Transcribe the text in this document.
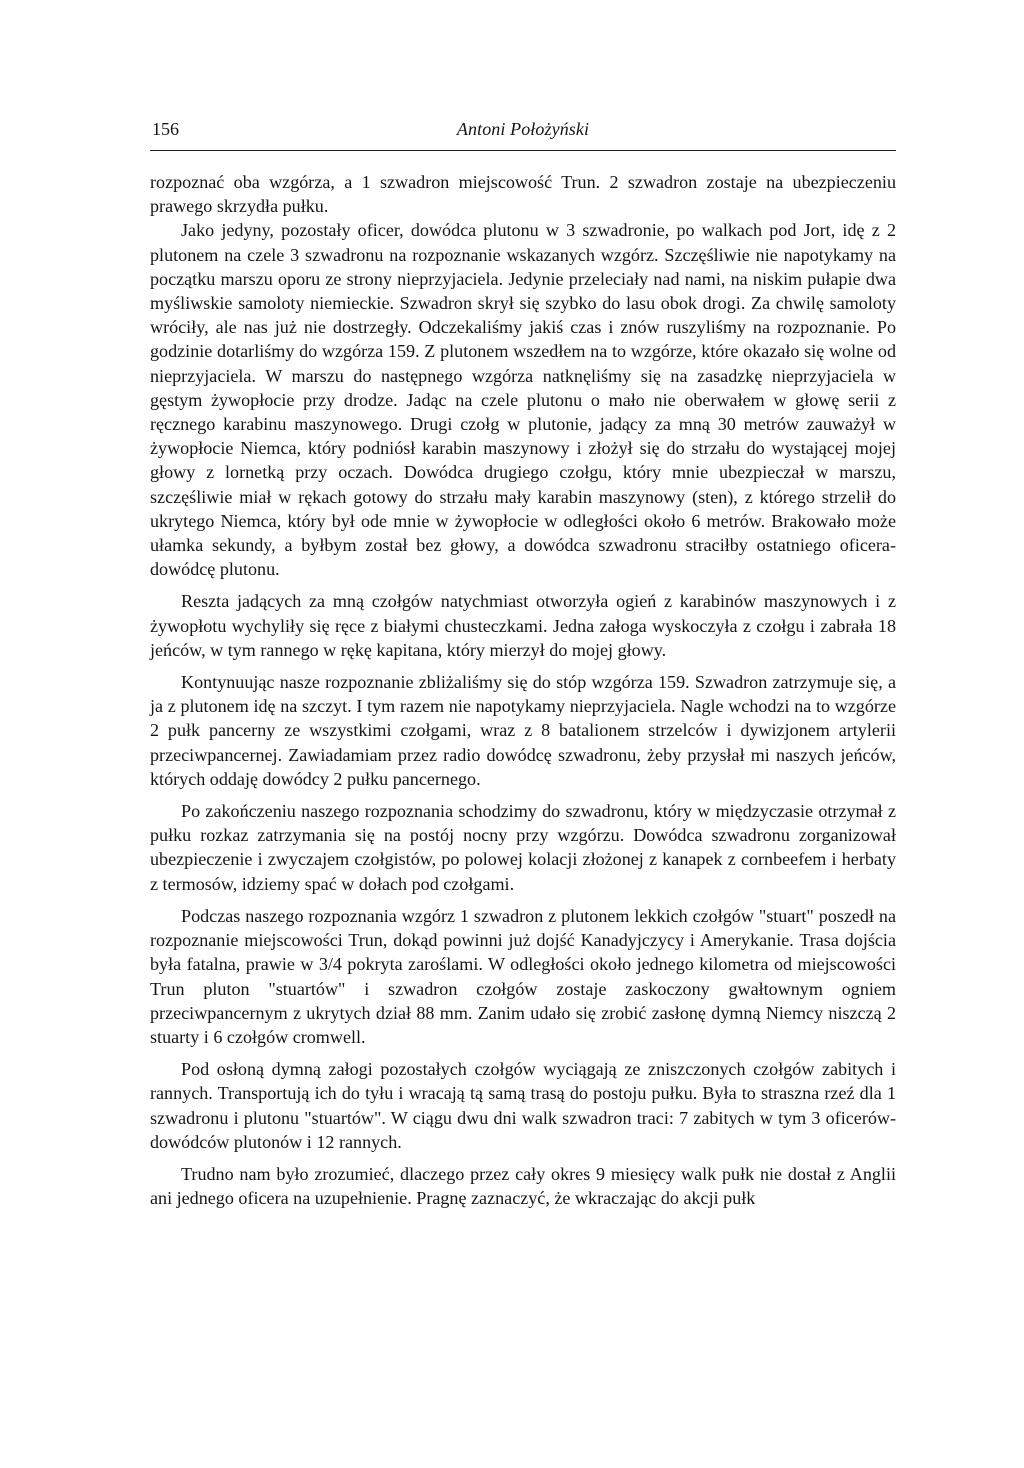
156	Antoni Położyński

rozpoznać oba wzgórza, a 1 szwadron miejscowość Trun. 2 szwadron zostaje na ubezpieczeniu prawego skrzydła pułku.

Jako jedyny, pozostały oficer, dowódca plutonu w 3 szwadronie, po walkach pod Jort, idę z 2 plutonem na czele 3 szwadronu na rozpoznanie wskazanych wzgórz. Szczęśliwie nie napotykamy na początku marszu oporu ze strony nieprzyjaciela. Jedynie przeleciały nad nami, na niskim pułapie dwa myśliwskie samoloty niemieckie. Szwadron skrył się szybko do lasu obok drogi. Za chwilę samoloty wróciły, ale nas już nie dostrzegły. Odczekaliśmy jakiś czas i znów ruszyliśmy na rozpoznanie. Po godzinie dotarliśmy do wzgórza 159. Z plutonem wszedłem na to wzgórze, które okazało się wolne od nieprzyjaciela. W marszu do następnego wzgórza natknęliśmy się na zasadzkę nieprzyjaciela w gęstym żywopłocie przy drodze. Jadąc na czele plutonu o mało nie oberwałem w głowę serii z ręcznego karabinu maszynowego. Drugi czołg w plutonie, jadący za mną 30 metrów zauważył w żywopłocie Niemca, który podniósł karabin maszynowy i złożył się do strzału do wystającej mojej głowy z lornetką przy oczach. Dowódca drugiego czołgu, który mnie ubezpieczał w marszu, szczęśliwie miał w rękach gotowy do strzału mały karabin maszynowy (sten), z którego strzelił do ukrytego Niemca, który był ode mnie w żywopłocie w odległości około 6 metrów. Brakowało może ułamka sekundy, a byłbym został bez głowy, a dowódca szwadronu straciłby ostatniego oficera-dowódcę plutonu.

Reszta jadących za mną czołgów natychmiast otworzyła ogień z karabinów maszynowych i z żywopłotu wychyliły się ręce z białymi chusteczkami. Jedna załoga wyskoczyła z czołgu i zabrała 18 jeńców, w tym rannego w rękę kapitana, który mierzył do mojej głowy.

Kontynuując nasze rozpoznanie zbliżaliśmy się do stóp wzgórza 159. Szwadron zatrzymuje się, a ja z plutonem idę na szczyt. I tym razem nie napotykamy nieprzyjaciela. Nagle wchodzi na to wzgórze 2 pułk pancerny ze wszystkimi czołgami, wraz z 8 batalionem strzelców i dywizjonem artylerii przeciwpancernej. Zawiadamiam przez radio dowódcę szwadronu, żeby przysłał mi naszych jeńców, których oddaję dowódcy 2 pułku pancernego.

Po zakończeniu naszego rozpoznania schodzimy do szwadronu, który w międzyczasie otrzymał z pułku rozkaz zatrzymania się na postój nocny przy wzgórzu. Dowódca szwadronu zorganizował ubezpieczenie i zwyczajem czołgistów, po polowej kolacji złożonej z kanapek z cornbeefem i herbaty z termosów, idziemy spać w dołach pod czołgami.

Podczas naszego rozpoznania wzgórz 1 szwadron z plutonem lekkich czołgów "stuart" poszedł na rozpoznanie miejscowości Trun, dokąd powinni już dojść Kanadyjczycy i Amerykanie. Trasa dojścia była fatalna, prawie w 3/4 pokryta zaroślami. W odległości około jednego kilometra od miejscowości Trun pluton "stuartów" i szwadron czołgów zostaje zaskoczony gwałtownym ogniem przeciwpancernym z ukrytych dział 88 mm. Zanim udało się zrobić zasłonę dymną Niemcy niszczą 2 stuarty i 6 czołgów cromwell.

Pod osłoną dymną załogi pozostałych czołgów wyciągają ze zniszczonych czołgów zabitych i rannych. Transportują ich do tyłu i wracają tą samą trasą do postoju pułku. Była to straszna rzeź dla 1 szwadronu i plutonu "stuartów". W ciągu dwu dni walk szwadron traci: 7 zabitych w tym 3 oficerów-dowódców plutonów i 12 rannych.

Trudno nam było zrozumieć, dlaczego przez cały okres 9 miesięcy walk pułk nie dostał z Anglii ani jednego oficera na uzupełnienie. Pragnę zaznaczyć, że wkraczając do akcji pułk
